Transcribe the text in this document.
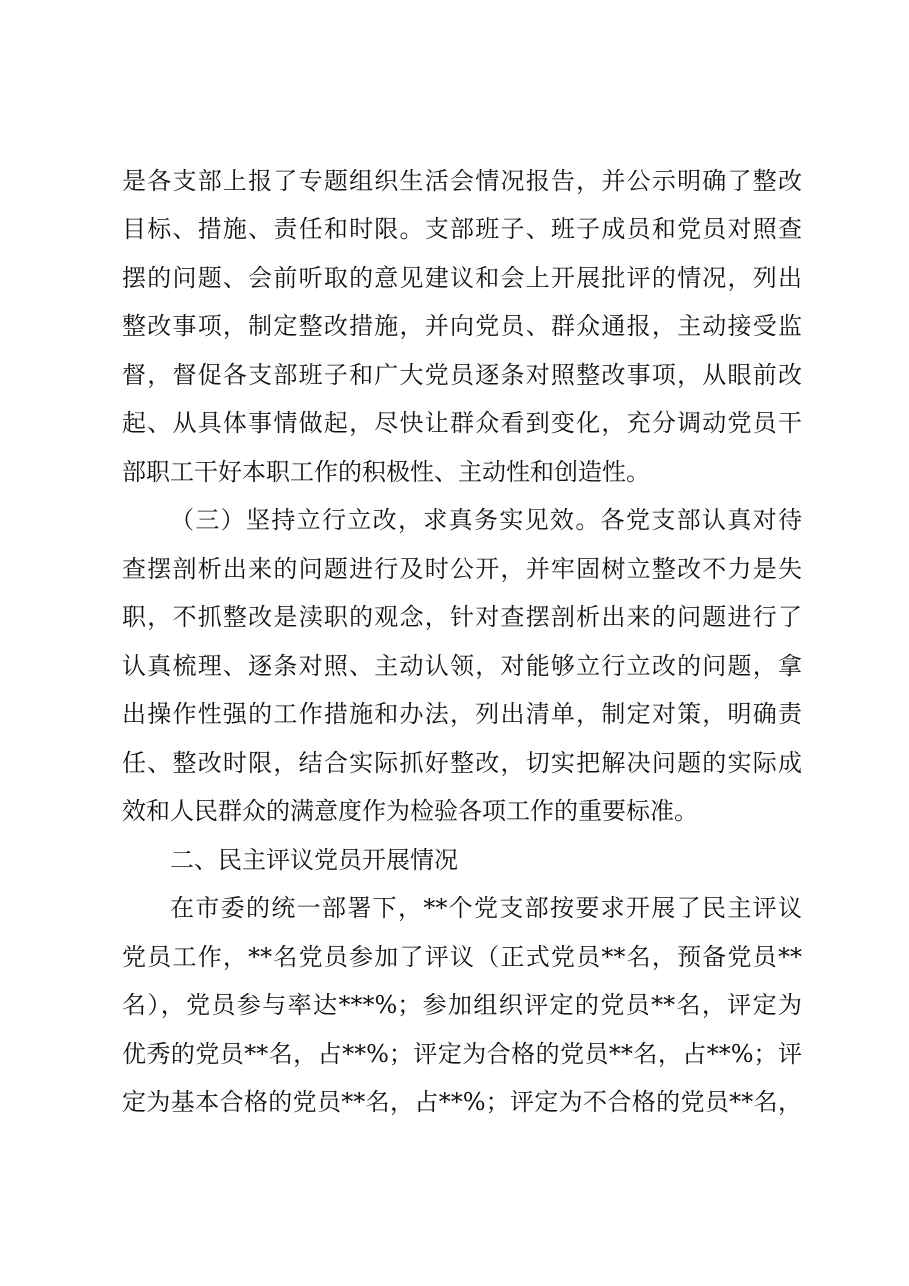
是各支部上报了专题组织生活会情况报告，并公示明确了整改
目标、措施、责任和时限。支部班子、班子成员和党员对照查
摆的问题、会前听取的意见建议和会上开展批评的情况，列出
整改事项，制定整改措施，并向党员、群众通报，主动接受监
督，督促各支部班子和广大党员逐条对照整改事项，从眼前改
起、从具体事情做起，尽快让群众看到变化，充分调动党员干
部职工干好本职工作的积极性、主动性和创造性。
（三）坚持立行立改，求真务实见效。各党支部认真对待
查摆剖析出来的问题进行及时公开，并牢固树立整改不力是失
职，不抓整改是渎职的观念，针对查摆剖析出来的问题进行了
认真梳理、逐条对照、主动认领，对能够立行立改的问题，拿
出操作性强的工作措施和办法，列出清单，制定对策，明确责
任、整改时限，结合实际抓好整改，切实把解决问题的实际成
效和人民群众的满意度作为检验各项工作的重要标准。
二、民主评议党员开展情况
在市委的统一部署下，**个党支部按要求开展了民主评议
党员工作，**名党员参加了评议（正式党员**名，预备党员**
名），党员参与率达***%；参加组织评定的党员**名，评定为
优秀的党员**名，占**%；评定为合格的党员**名，占**%；评
定为基本合格的党员**名，占**%；评定为不合格的党员**名，
